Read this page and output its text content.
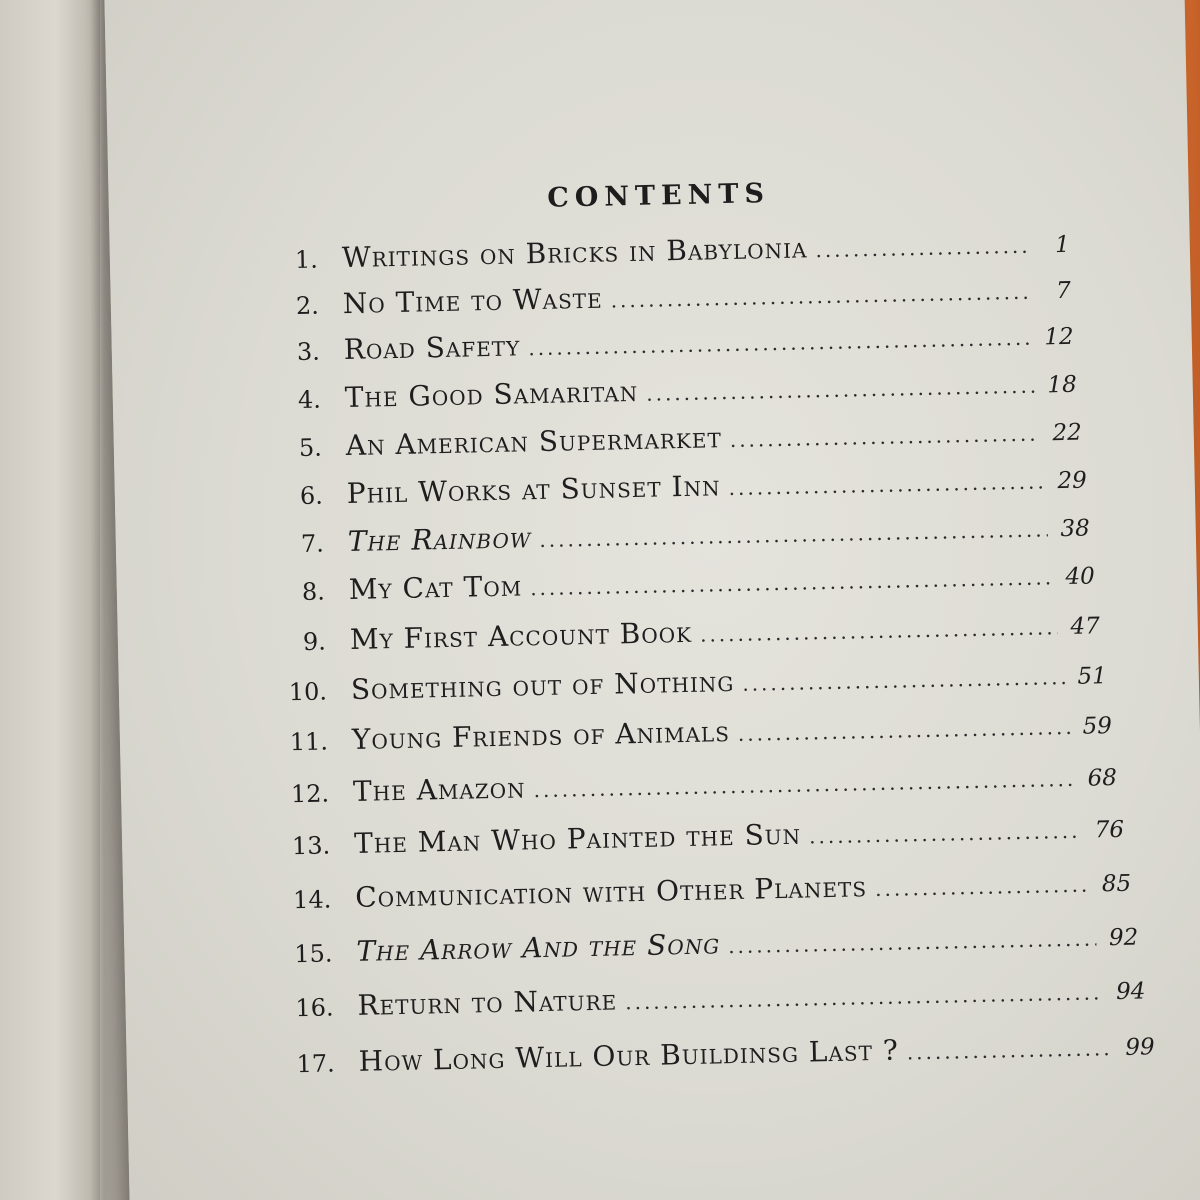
CONTENTS
1. Writings on Bricks in Babylonia .....	1
2. No Time to Waste .....	7
3. Road Safety .....	12
4. The Good Samaritan .....	18
5. An American Supermarket .....	22
6. Phil Works at Sunset Inn .....	29
7. The Rainbow .....	38
8. My Cat Tom .....	40
9. My First Account Book .....	47
10. Something out of Nothing .....	51
11. Young Friends of Animals .....	59
12. The Amazon .....	68
13. The Man Who Painted the Sun .....	76
14. Communication with Other Planets .....	85
15. The Arrow And the Song .....	92
16. Return to Nature .....	94
17. How Long Will Our Buildinsg Last ? .....	99
